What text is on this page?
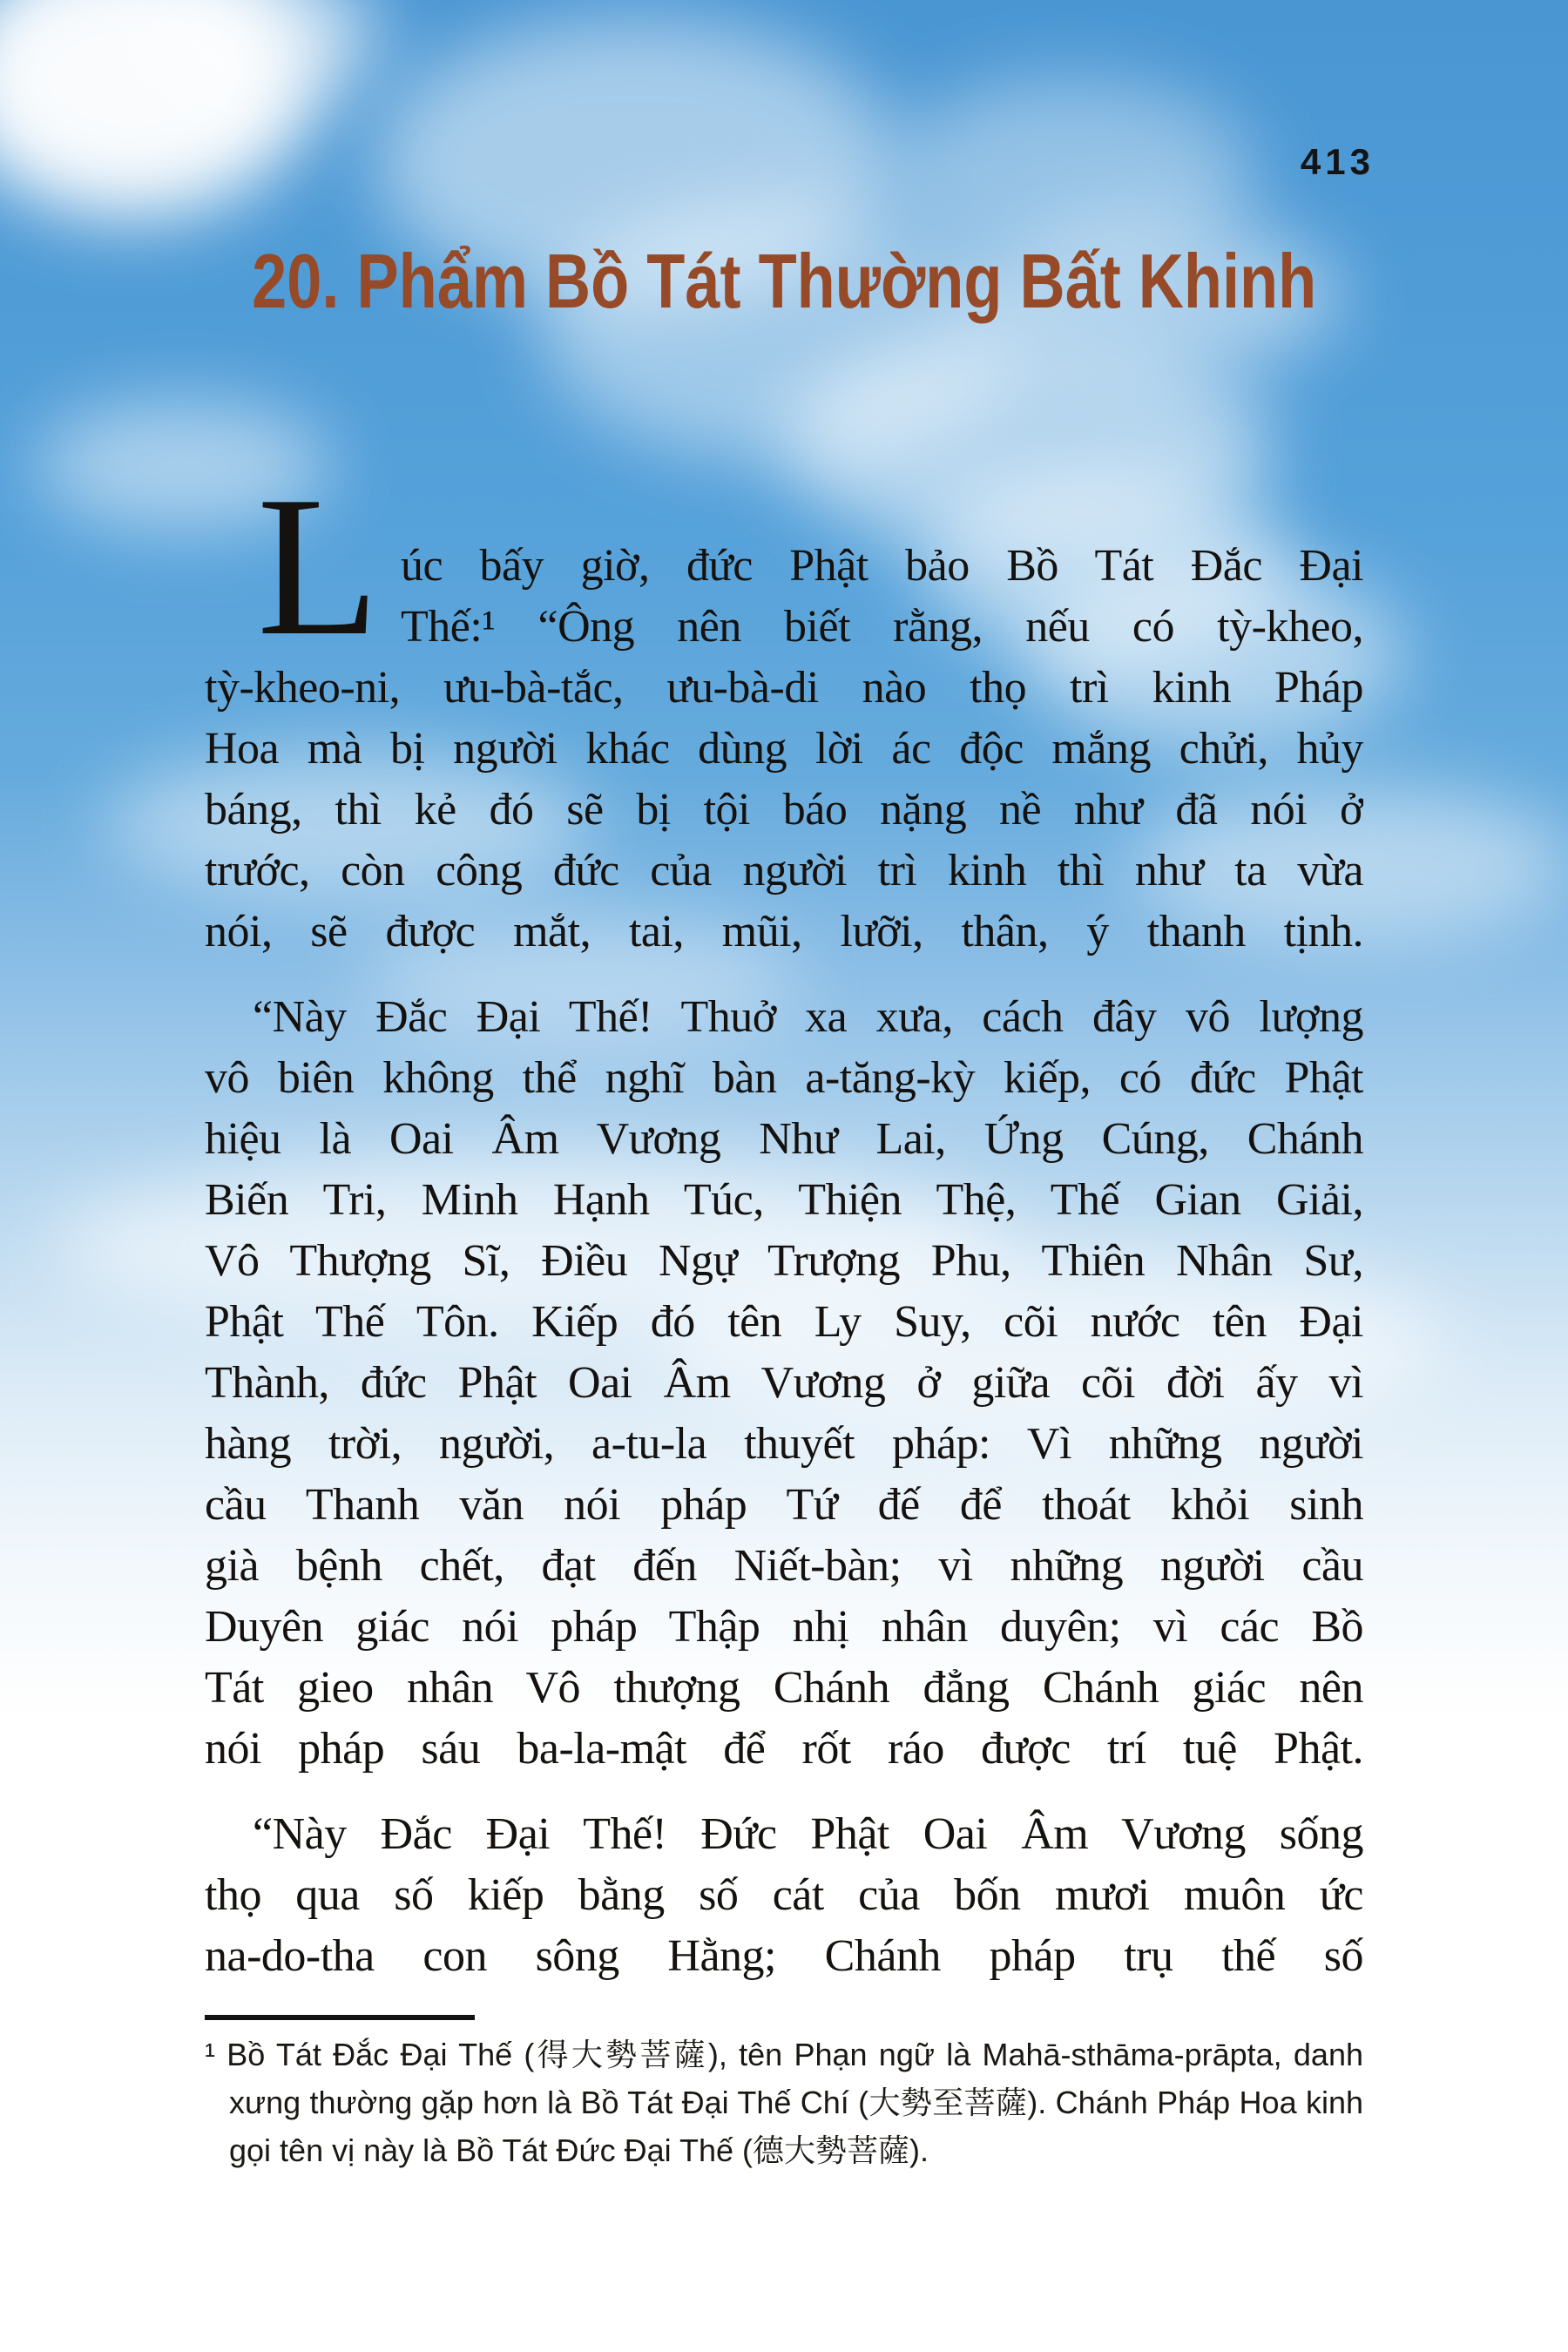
413
20. Phẩm Bồ Tát Thường Bất Khinh
L úc bấy giờ, đức Phật bảo Bồ Tát Đắc Đại
Thế:¹ “Ông nên biết rằng, nếu có tỳ-kheo,
tỳ-kheo-ni, ưu-bà-tắc, ưu-bà-di nào thọ trì kinh Pháp
Hoa mà bị người khác dùng lời ác độc mắng chửi, hủy
báng, thì kẻ đó sẽ bị tội báo nặng nề như đã nói ở
trước, còn công đức của người trì kinh thì như ta vừa
nói, sẽ được mắt, tai, mũi, lưỡi, thân, ý thanh tịnh.
“Này Đắc Đại Thế! Thuở xa xưa, cách đây vô lượng
vô biên không thể nghĩ bàn a-tăng-kỳ kiếp, có đức Phật
hiệu là Oai Âm Vương Như Lai, Ứng Cúng, Chánh
Biến Tri, Minh Hạnh Túc, Thiện Thệ, Thế Gian Giải,
Vô Thượng Sĩ, Điều Ngự Trượng Phu, Thiên Nhân Sư,
Phật Thế Tôn. Kiếp đó tên Ly Suy, cõi nước tên Đại
Thành, đức Phật Oai Âm Vương ở giữa cõi đời ấy vì
hàng trời, người, a-tu-la thuyết pháp: Vì những người
cầu Thanh văn nói pháp Tứ đế để thoát khỏi sinh
già bệnh chết, đạt đến Niết-bàn; vì những người cầu
Duyên giác nói pháp Thập nhị nhân duyên; vì các Bồ
Tát gieo nhân Vô thượng Chánh đẳng Chánh giác nên
nói pháp sáu ba-la-mật để rốt ráo được trí tuệ Phật.
“Này Đắc Đại Thế! Đức Phật Oai Âm Vương sống
thọ qua số kiếp bằng số cát của bốn mươi muôn ức
na-do-tha con sông Hằng; Chánh pháp trụ thế số
¹ Bồ Tát Đắc Đại Thế (得大勢菩薩), tên Phạn ngữ là Mahā-sthāma-prāpta, danh
xưng thường gặp hơn là Bồ Tát Đại Thế Chí (大勢至菩薩). Chánh Pháp Hoa kinh
gọi tên vị này là Bồ Tát Đức Đại Thế (德大勢菩薩).
